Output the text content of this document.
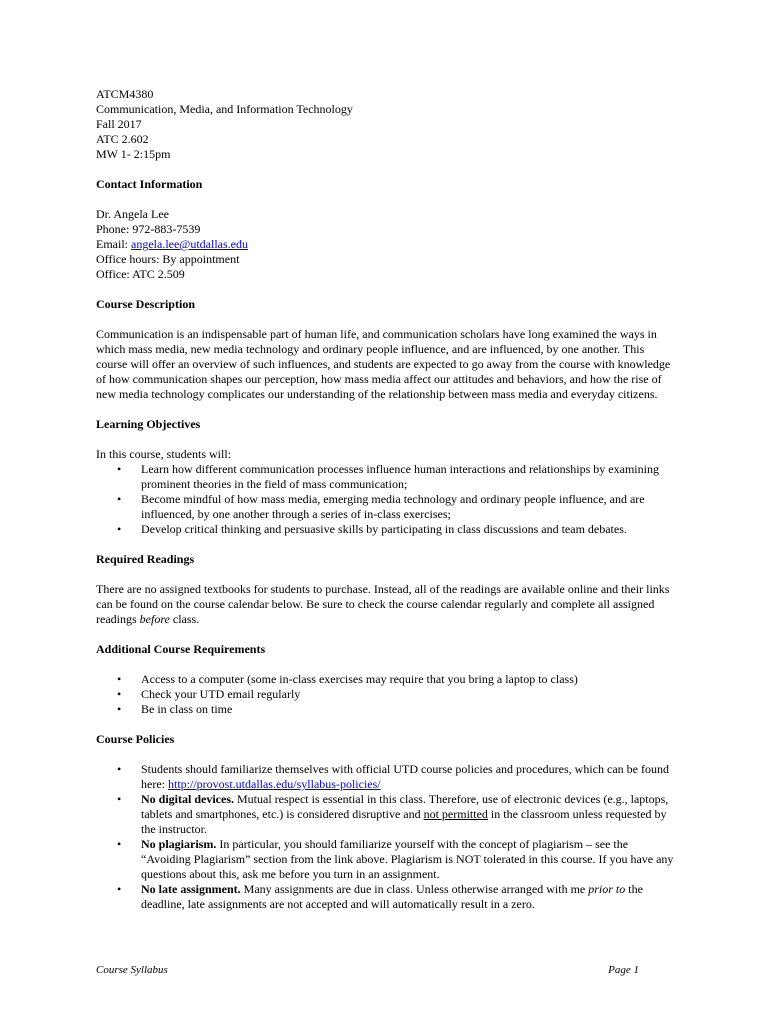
ATCM4380
Communication, Media, and Information Technology
Fall 2017
ATC 2.602
MW 1- 2:15pm
Contact Information
Dr. Angela Lee
Phone: 972-883-7539
Email: angela.lee@utdallas.edu
Office hours: By appointment
Office: ATC 2.509
Course Description

Communication is an indispensable part of human life, and communication scholars have long examined the ways in which mass media, new media technology and ordinary people influence, and are influenced, by one another. This course will offer an overview of such influences, and students are expected to go away from the course with knowledge of how communication shapes our perception, how mass media affect our attitudes and behaviors, and how the rise of new media technology complicates our understanding of the relationship between mass media and everyday citizens.

Learning Objectives

In this course, students will:

• Learn how different communication processes influence human interactions and relationships by examining prominent theories in the field of mass communication;
• Become mindful of how mass media, emerging media technology and ordinary people influence, and are influenced, by one another through a series of in-class exercises;
• Develop critical thinking and persuasive skills by participating in class discussions and team debates.
Required Readings

There are no assigned textbooks for students to purchase. Instead, all of the readings are available online and their links can be found on the course calendar below. Be sure to check the course calendar regularly and complete all assigned readings before class.

Additional Course Requirements
• Access to a computer (some in-class exercises may require that you bring a laptop to class)
• Check your UTD email regularly
• Be in class on time
Course Policies
• Students should familiarize themselves with official UTD course policies and procedures, which can be found here: http://provost.utdallas.edu/syllabus-policies/
• No digital devices. Mutual respect is essential in this class. Therefore, use of electronic devices (e.g., laptops, tablets and smartphones, etc.) is considered disruptive and not permitted in the classroom unless requested by the instructor.
• No plagiarism. In particular, you should familiarize yourself with the concept of plagiarism – see the “Avoiding Plagiarism” section from the link above. Plagiarism is NOT tolerated in this course. If you have any questions about this, ask me before you turn in an assignment.
• No late assignment. Many assignments are due in class. Unless otherwise arranged with me prior to the deadline, late assignments are not accepted and will automatically result in a zero.
Course Syllabus	Page 1
